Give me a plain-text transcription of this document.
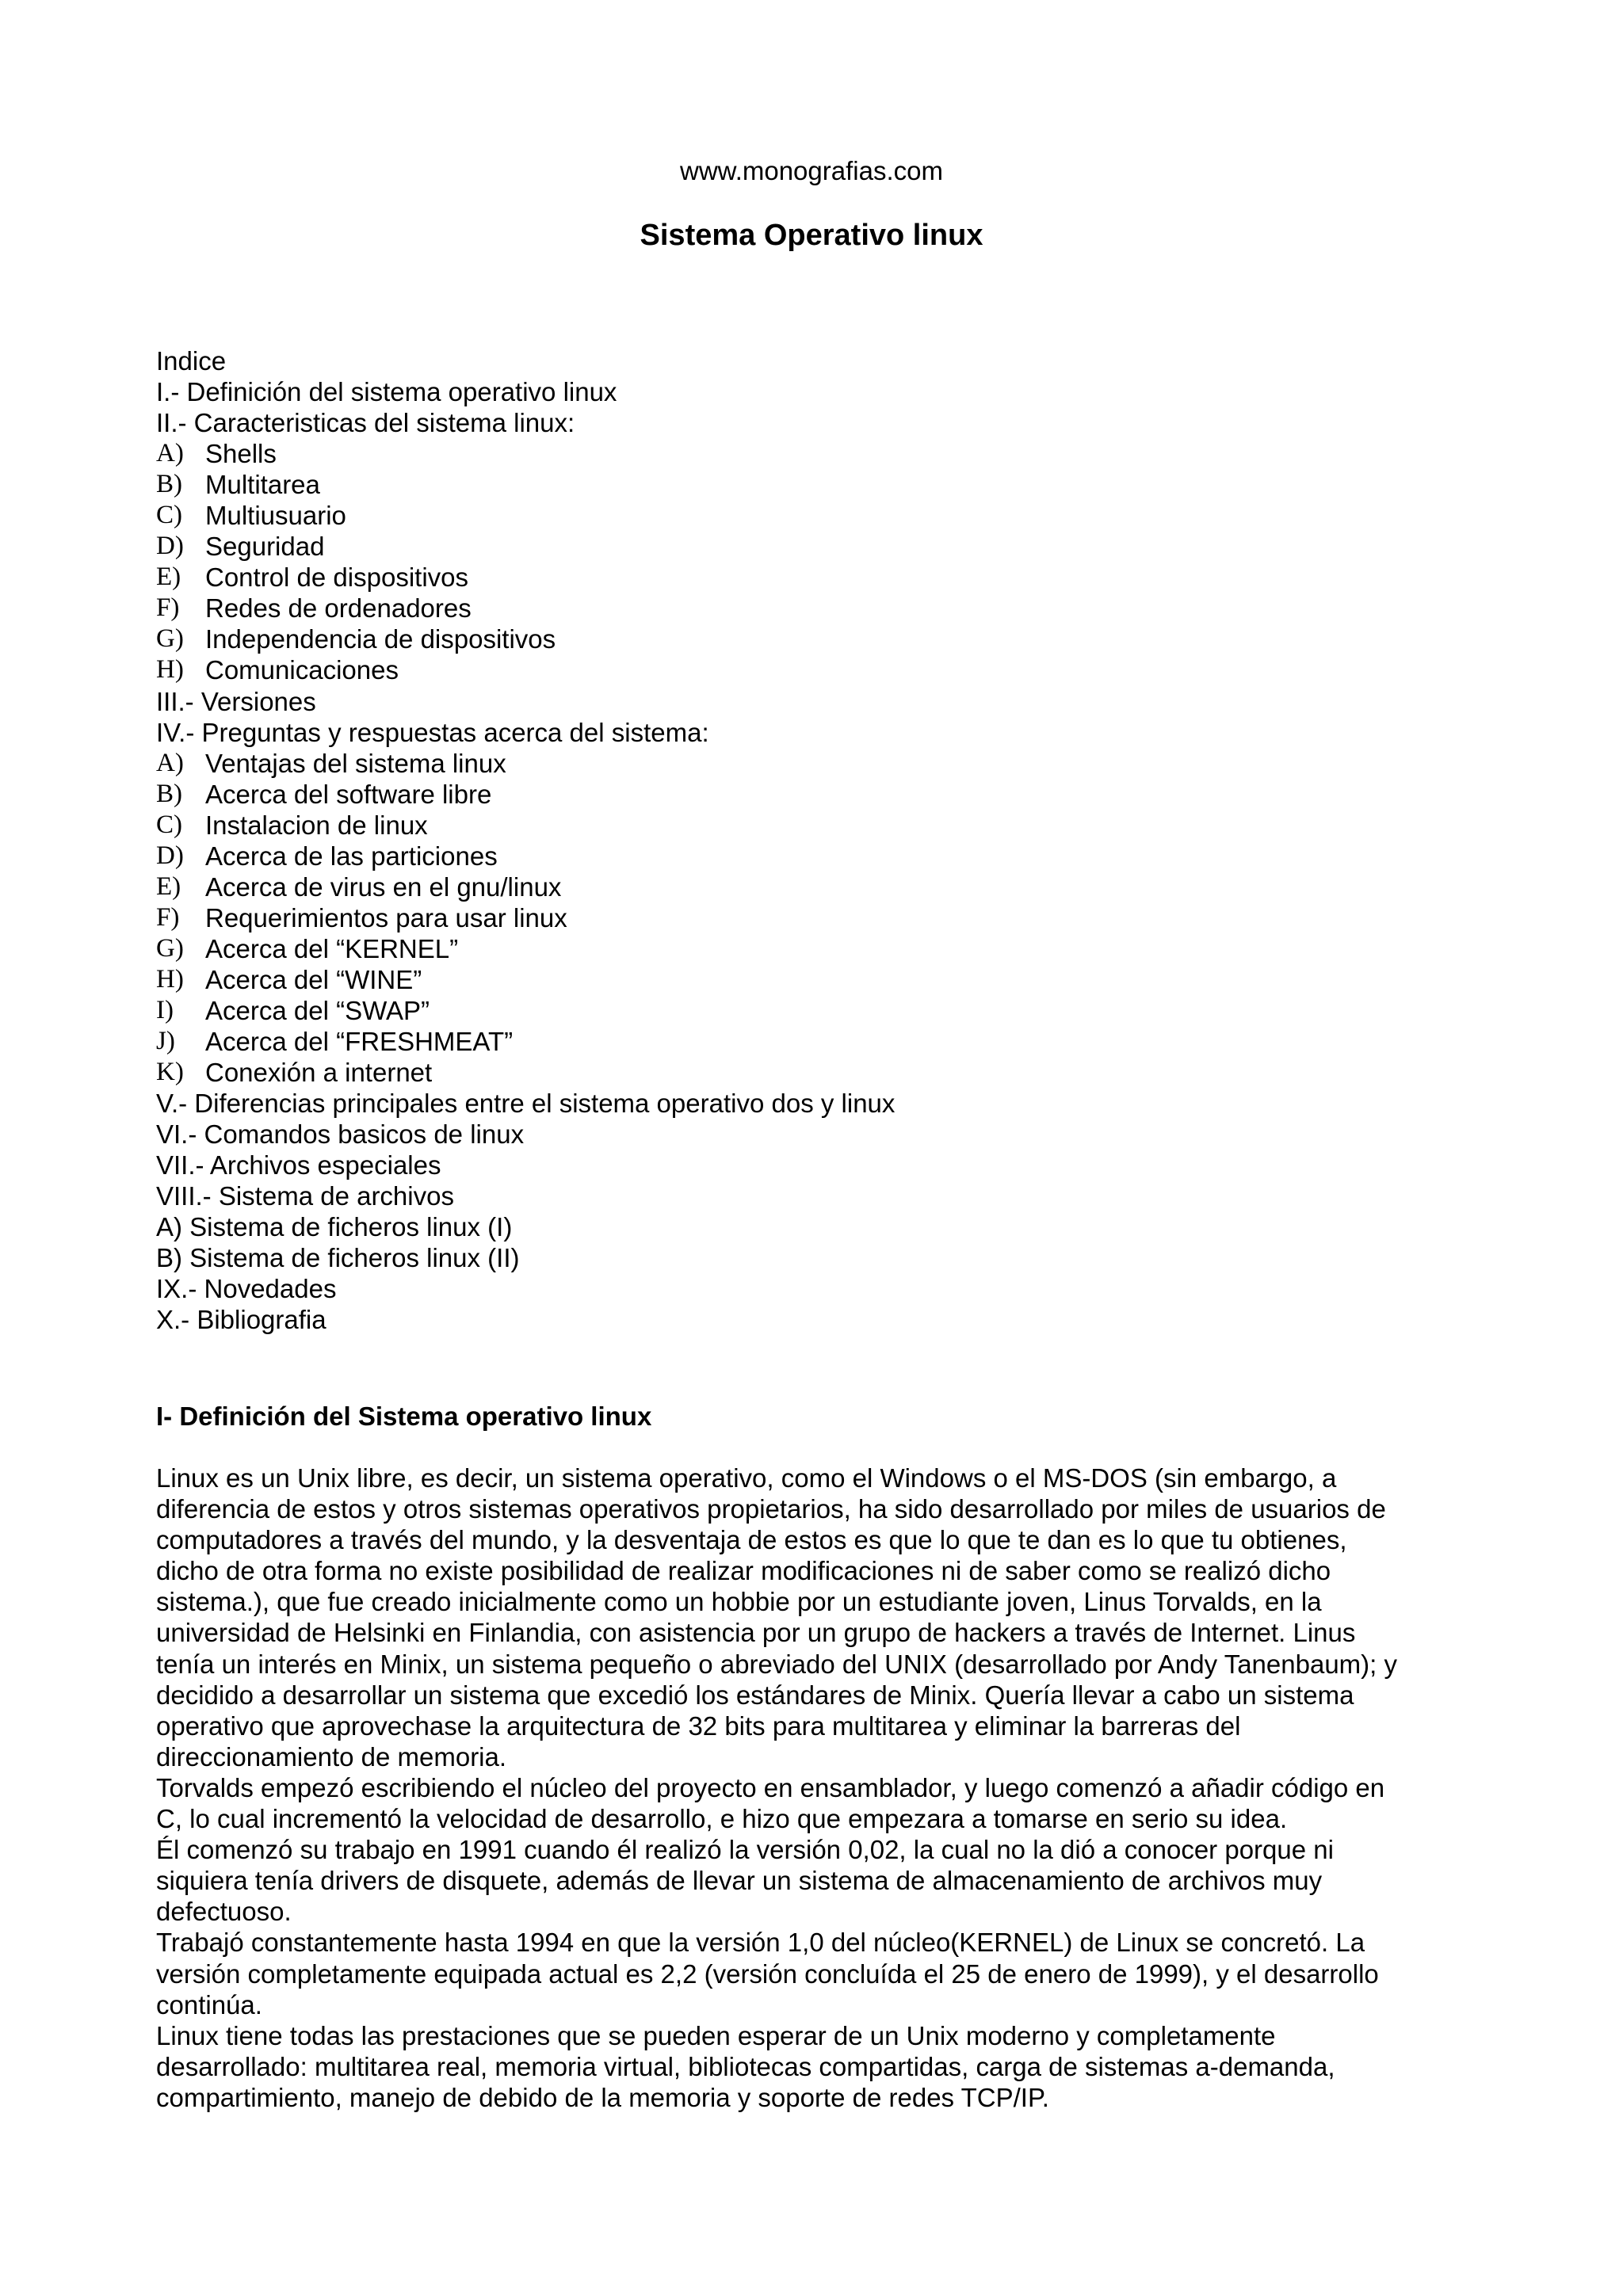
www.monografias.com
Sistema Operativo linux
Indice
I.- Definición del sistema operativo linux
II.- Caracteristicas del sistema linux:
A) Shells
B) Multitarea
C) Multiusuario
D) Seguridad
E) Control de dispositivos
F) Redes de ordenadores
G) Independencia de dispositivos
H) Comunicaciones
III.- Versiones
IV.- Preguntas y respuestas acerca del sistema:
A) Ventajas del sistema linux
B) Acerca del software libre
C) Instalacion de linux
D) Acerca de las particiones
E) Acerca de virus en el gnu/linux
F) Requerimientos para usar linux
G) Acerca del “KERNEL”
H) Acerca del “WINE”
I)	Acerca del “SWAP”
J)	Acerca del “FRESHMEAT”
K) Conexión a internet
V.- Diferencias principales entre el sistema operativo dos y linux
VI.- Comandos basicos de linux
VII.- Archivos especiales
VIII.- Sistema de archivos
A) Sistema de ficheros linux (I)
B) Sistema de ficheros linux (II)
IX.- Novedades
X.- Bibliografia
I- Definición del Sistema operativo linux
Linux es un Unix libre, es decir, un sistema operativo, como el Windows o el MS-DOS (sin embargo, a
diferencia de estos y otros sistemas operativos propietarios, ha sido desarrollado por miles de usuarios de
computadores a través del mundo, y la desventaja de estos es que lo que te dan es lo que tu obtienes,
dicho de otra forma no existe posibilidad de realizar modificaciones ni de saber como se realizó dicho
sistema.), que fue creado inicialmente como un hobbie por un estudiante joven, Linus Torvalds, en la
universidad de Helsinki en Finlandia, con asistencia por un grupo de hackers a través de Internet. Linus
tenía un interés en Minix, un sistema pequeño o abreviado del UNIX (desarrollado por Andy Tanenbaum); y
decidido a desarrollar un sistema que excedió los estándares de Minix. Quería llevar a cabo un sistema
operativo que aprovechase la arquitectura de 32 bits para multitarea y eliminar la barreras del
direccionamiento de memoria.
Torvalds empezó escribiendo el núcleo del proyecto en ensamblador, y luego comenzó a añadir código en
C, lo cual incrementó la velocidad de desarrollo, e hizo que empezara a tomarse en serio su idea.
Él comenzó su trabajo en 1991 cuando él realizó la versión 0,02, la cual no la dió a conocer porque ni
siquiera tenía drivers de disquete, además de llevar un sistema de almacenamiento de archivos muy
defectuoso.
Trabajó constantemente hasta 1994 en que la versión 1,0 del núcleo(KERNEL) de Linux se concretó. La
versión completamente equipada actual es 2,2 (versión concluída el 25 de enero de 1999), y el desarrollo
continúa.
Linux tiene todas las prestaciones que se pueden esperar de un Unix moderno y completamente
desarrollado: multitarea real, memoria virtual, bibliotecas compartidas, carga de sistemas a-demanda,
compartimiento, manejo de debido de la memoria y soporte de redes TCP/IP.
